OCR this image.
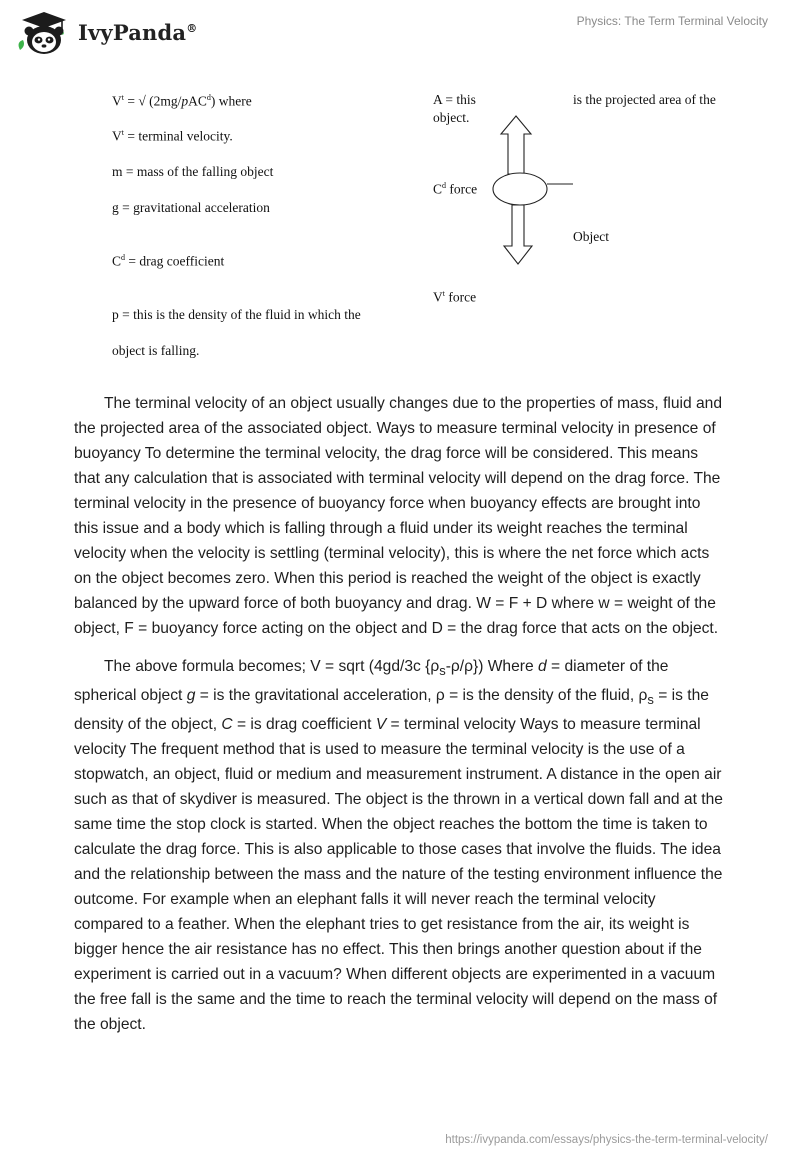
IvyPanda®
Physics: The Term Terminal Velocity
$V^t$ = √ (2mg/pAC$^d$) where
$V^t$ = terminal velocity.
m = mass of the falling object
g = gravitational acceleration
$C^d$ = drag coefficient
p = this is the density of the fluid in which the
object is falling.
A = this	is the projected area of the
object.
$C^d$ force
Object
$V^t$ force

The terminal velocity of an object usually changes due to the properties of mass, fluid and the projected area of the associated object. Ways to measure terminal velocity in presence of buoyancy To determine the terminal velocity, the drag force will be considered. This means that any calculation that is associated with terminal velocity will depend on the drag force. The terminal velocity in the presence of buoyancy force when buoyancy effects are brought into this issue and a body which is falling through a fluid under its weight reaches the terminal velocity when the velocity is settling (terminal velocity), this is where the net force which acts on the object becomes zero. When this period is reached the weight of the object is exactly balanced by the upward force of both buoyancy and drag. W = F + D where w = weight of the object, F = buoyancy force acting on the object and D = the drag force that acts on the object.

The above formula becomes; V = sqrt (4gd/3c $\{\rho_s-\rho/\rho\}$) Where d = diameter of the spherical object g = is the gravitational acceleration, ρ = is the density of the fluid, $\rho_s$ = is the density of the object, C = is drag coefficient V = terminal velocity Ways to measure terminal velocity The frequent method that is used to measure the terminal velocity is the use of a stopwatch, an object, fluid or medium and measurement instrument. A distance in the open air such as that of skydiver is measured. The object is the thrown in a vertical down fall and at the same time the stop clock is started. When the object reaches the bottom the time is taken to calculate the drag force. This is also applicable to those cases that involve the fluids. The idea and the relationship between the mass and the nature of the testing environment influence the outcome. For example when an elephant falls it will never reach the terminal velocity compared to a feather. When the elephant tries to get resistance from the air, its weight is bigger hence the air resistance has no effect. This then brings another question about if the experiment is carried out in a vacuum? When different objects are experimented in a vacuum the free fall is the same and the time to reach the terminal velocity will depend on the mass of the object.

https://ivypanda.com/essays/physics-the-term-terminal-velocity/
